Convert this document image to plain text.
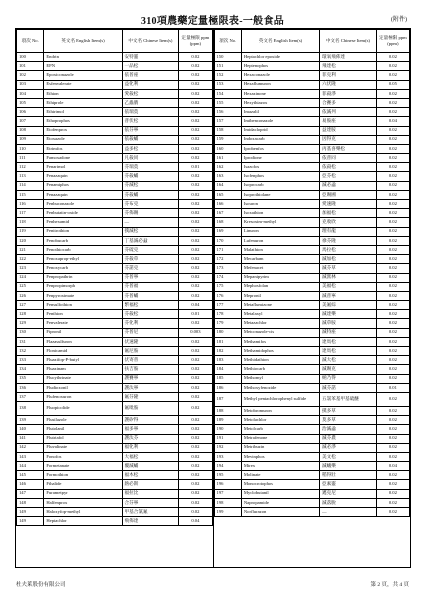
310項農藥定量極限表-一般食品	(附件)
項次 No.	英文名 English Item(s)	中文名 Chinese Item(s)	定量極限 ppm (ppm)
100	Endrin	安特靈	0.02
101	EPN	一品松	0.02
102	Epoxiconazole	依普座	0.02
103	Esfenvalerate	益化利	0.02
104	Ethion	愛殺松	0.02
105	Ethiprole	乙蟲腈	0.02
106	Ethirimol	依瑞莫	0.02
107	Ethoprophos	普伏松	0.02
108	Etofenprox	依芬寧	0.02
109	Etoxazole	依殺蟎	0.02
110	Etrimfos	益多松	0.02
111	Famoxadone	凡殺同	0.02
112	Fenarimol	芬瑞莫	0.01
113	Fenazaquin	芬殺蟎	0.02
114	Fenamiphos	芬滅松	0.02
115	Fenazaquin	芬殺蟎	0.02
116	Fenbuconazole	芬布克	0.02
117	Fenbutatin-oxide	芬佈賜	0.02
118	Fenhexamid	—	0.02
119	Fenitrothion	撲滅松	0.02
120	Fenobucarb	丁基滅必蝨	0.02
121	Fenothiocarb	芬硫克	0.02
122	Fenoxaprop-ethyl	芬殺草	0.02
123	Fenoxycarb	芬諾克	0.02
124	Fenpropathrin	芬普寧	0.02
125	Fenpropimorph	芬普福	0.02
126	Fenpyroximate	芬普蟎	0.02
127	Fensulfothion	繁福松	0.04
128	Fenthion	芬殺松	0.01
129	Fenvalerate	芬化利	0.02
130	Fipronil	芬普尼	0.003
131	Flazasulfuron	伏速隆	0.02
132	Flonicamid	氟尼胺	0.02
133	Fluazifop-P-butyl	伏寄普	0.02
134	Fluazinam	扶吉胺	0.02
135	Flucythrinate	護賽寧	0.02
136	Fludioxonil	護汰寧	0.02
137	Flufenoxuron	氟芬隆	0.02
138	Fluopicolide	氟吡胺	0.02
139	Flusilazole	護矽得	0.02
140	Flutolanil	福多寧	0.02
141	Flutriafol	護汰芬	0.02
142	Fluvalinate	福化利	0.02
143	Fonofos	大福松	0.02
144	Formetanate	覆滅蟎	0.02
145	Formothion	福木松	0.02
146	Fthalide	熱必斯	0.02
147	Furametpyr	福拉比	0.02
148	Halfenprox	合芬寧	0.02
149	Haloxyfop-methyl	甲基合氯氟	0.02
149	Heptachlor	飛佈達	0.04
項次 No.	英文名 English Item(s)	中文名 Chinese Item(s)	定量極限 ppm (ppm)
150	Heptachlor epoxide	環氧飛佈達	0.02
151	Heptenophos	飛達松	0.02
152	Hexaconazole	菲克利	0.02
153	Hexaflumuron	六伏隆	0.05
154	Hexazinone	菲殺淨	0.02
155	Hexythiazox	合賽多	0.02
156	Imazalil	依滅列	0.02
157	Imibenconazole	易胺座	0.04
158	Imidacloprid	益達胺	0.02
159	Indoxacarb	因得克	0.02
160	Iprobenfos	丙基喜樂松	0.02
161	Iprodione	依普同	0.02
162	Isazofos	依殺松	0.02
163	Isofenphos	亞芬松	0.02
164	Isoprocarb	滅必蝨	0.02
165	Isoprothiolane	亞賜圃	0.02
166	Isouron	愛速隆	0.02
167	Isoxathion	加福松	0.02
168	Kresoxim-methyl	克收欣	0.02
169	Linuron	理有龍	0.02
170	Lufenuron	祿芬隆	0.02
171	Malathion	馬拉松	0.02
172	Mecarbam	滅加松	0.02
173	Mefenacet	滅芬草	0.02
174	Mepanipyrim	滅派林	0.02
175	Mephosfolan	美福松	0.02
176	Mepronil	滅普寧	0.02
177	Metaflumizone	美氟綜	0.02
178	Metalaxyl	滅達樂	0.02
179	Metazachlor	滅草胺	0.02
180	Metconazole-cis	滅特座	0.02
181	Methamifos	達馬松	0.02
182	Methamidophos	達馬松	0.02
183	Methidathion	滅大松	0.02
184	Methiocarb	滅賜克	0.02
185	Methomyl	納乃得	0.02
186	Methoxyfenozide	滅芬諾	0.01
187	Methyl pentachlorophenyl sulfide	五氯苯基甲基硫醚	0.02
188	Metobromuron	撲多草	0.02
189	Metolachlor	莫多草	0.02
190	Metolcarb	治滅蝨	0.02
191	Metrafenone	滅芬農	0.02
192	Metribuzin	滅必淨	0.02
193	Mevinphos	美文松	0.02
194	Mirex	滅蟻樂	0.04
195	Molinate	稻得壯	0.02
196	Monocrotophos	亞素靈	0.02
197	Myclobutanil	邁克尼	0.02
198	Napropamide	滅落脫	0.02
199	Norflurazon	—	0.02
杜夫萊股份有限公司	第 2 頁，共 4 頁
